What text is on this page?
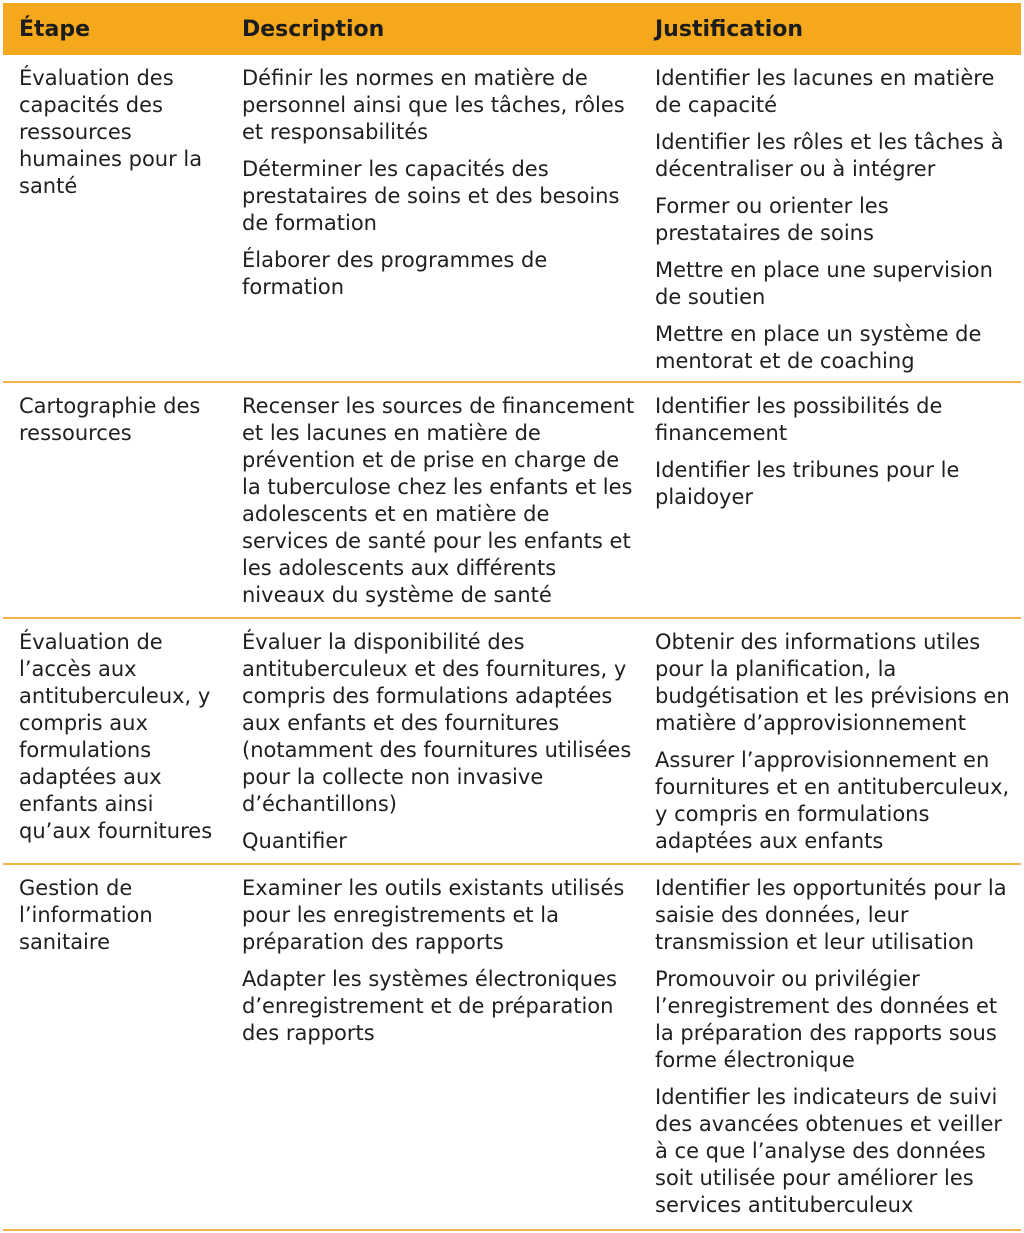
Étape	Description	Justification
Évaluation des capacités des ressources humaines pour la santé

Définir les normes en matière de personnel ainsi que les tâches, rôles et responsabilités

Déterminer les capacités des prestataires de soins et des besoins de formation

Élaborer des programmes de formation

Identifier les lacunes en matière de capacité

Identifier les rôles et les tâches à décentraliser ou à intégrer

Former ou orienter les prestataires de soins

Mettre en place une supervision de soutien

Mettre en place un système de mentorat et de coaching

Cartographie des ressources

Recenser les sources de financement et les lacunes en matière de prévention et de prise en charge de la tuberculose chez les enfants et les adolescents et en matière de services de santé pour les enfants et les adolescents aux différents niveaux du système de santé

Identifier les possibilités de financement

Identifier les tribunes pour le plaidoyer

Évaluation de l’accès aux antituberculeux, y compris aux formulations adaptées aux enfants ainsi qu’aux fournitures

Évaluer la disponibilité des antituberculeux et des fournitures, y compris des formulations adaptées aux enfants et des fournitures (notamment des fournitures utilisées pour la collecte non invasive d’échantillons)

Quantifier

Obtenir des informations utiles pour la planification, la budgétisation et les prévisions en matière d’approvisionnement

Assurer l’approvisionnement en fournitures et en antituberculeux, y compris en formulations adaptées aux enfants

Gestion de l’information sanitaire

Examiner les outils existants utilisés pour les enregistrements et la préparation des rapports

Adapter les systèmes électroniques d’enregistrement et de préparation des rapports

Identifier les opportunités pour la saisie des données, leur transmission et leur utilisation

Promouvoir ou privilégier l’enregistrement des données et la préparation des rapports sous forme électronique

Identifier les indicateurs de suivi des avancées obtenues et veiller à ce que l’analyse des données soit utilisée pour améliorer les services antituberculeux
